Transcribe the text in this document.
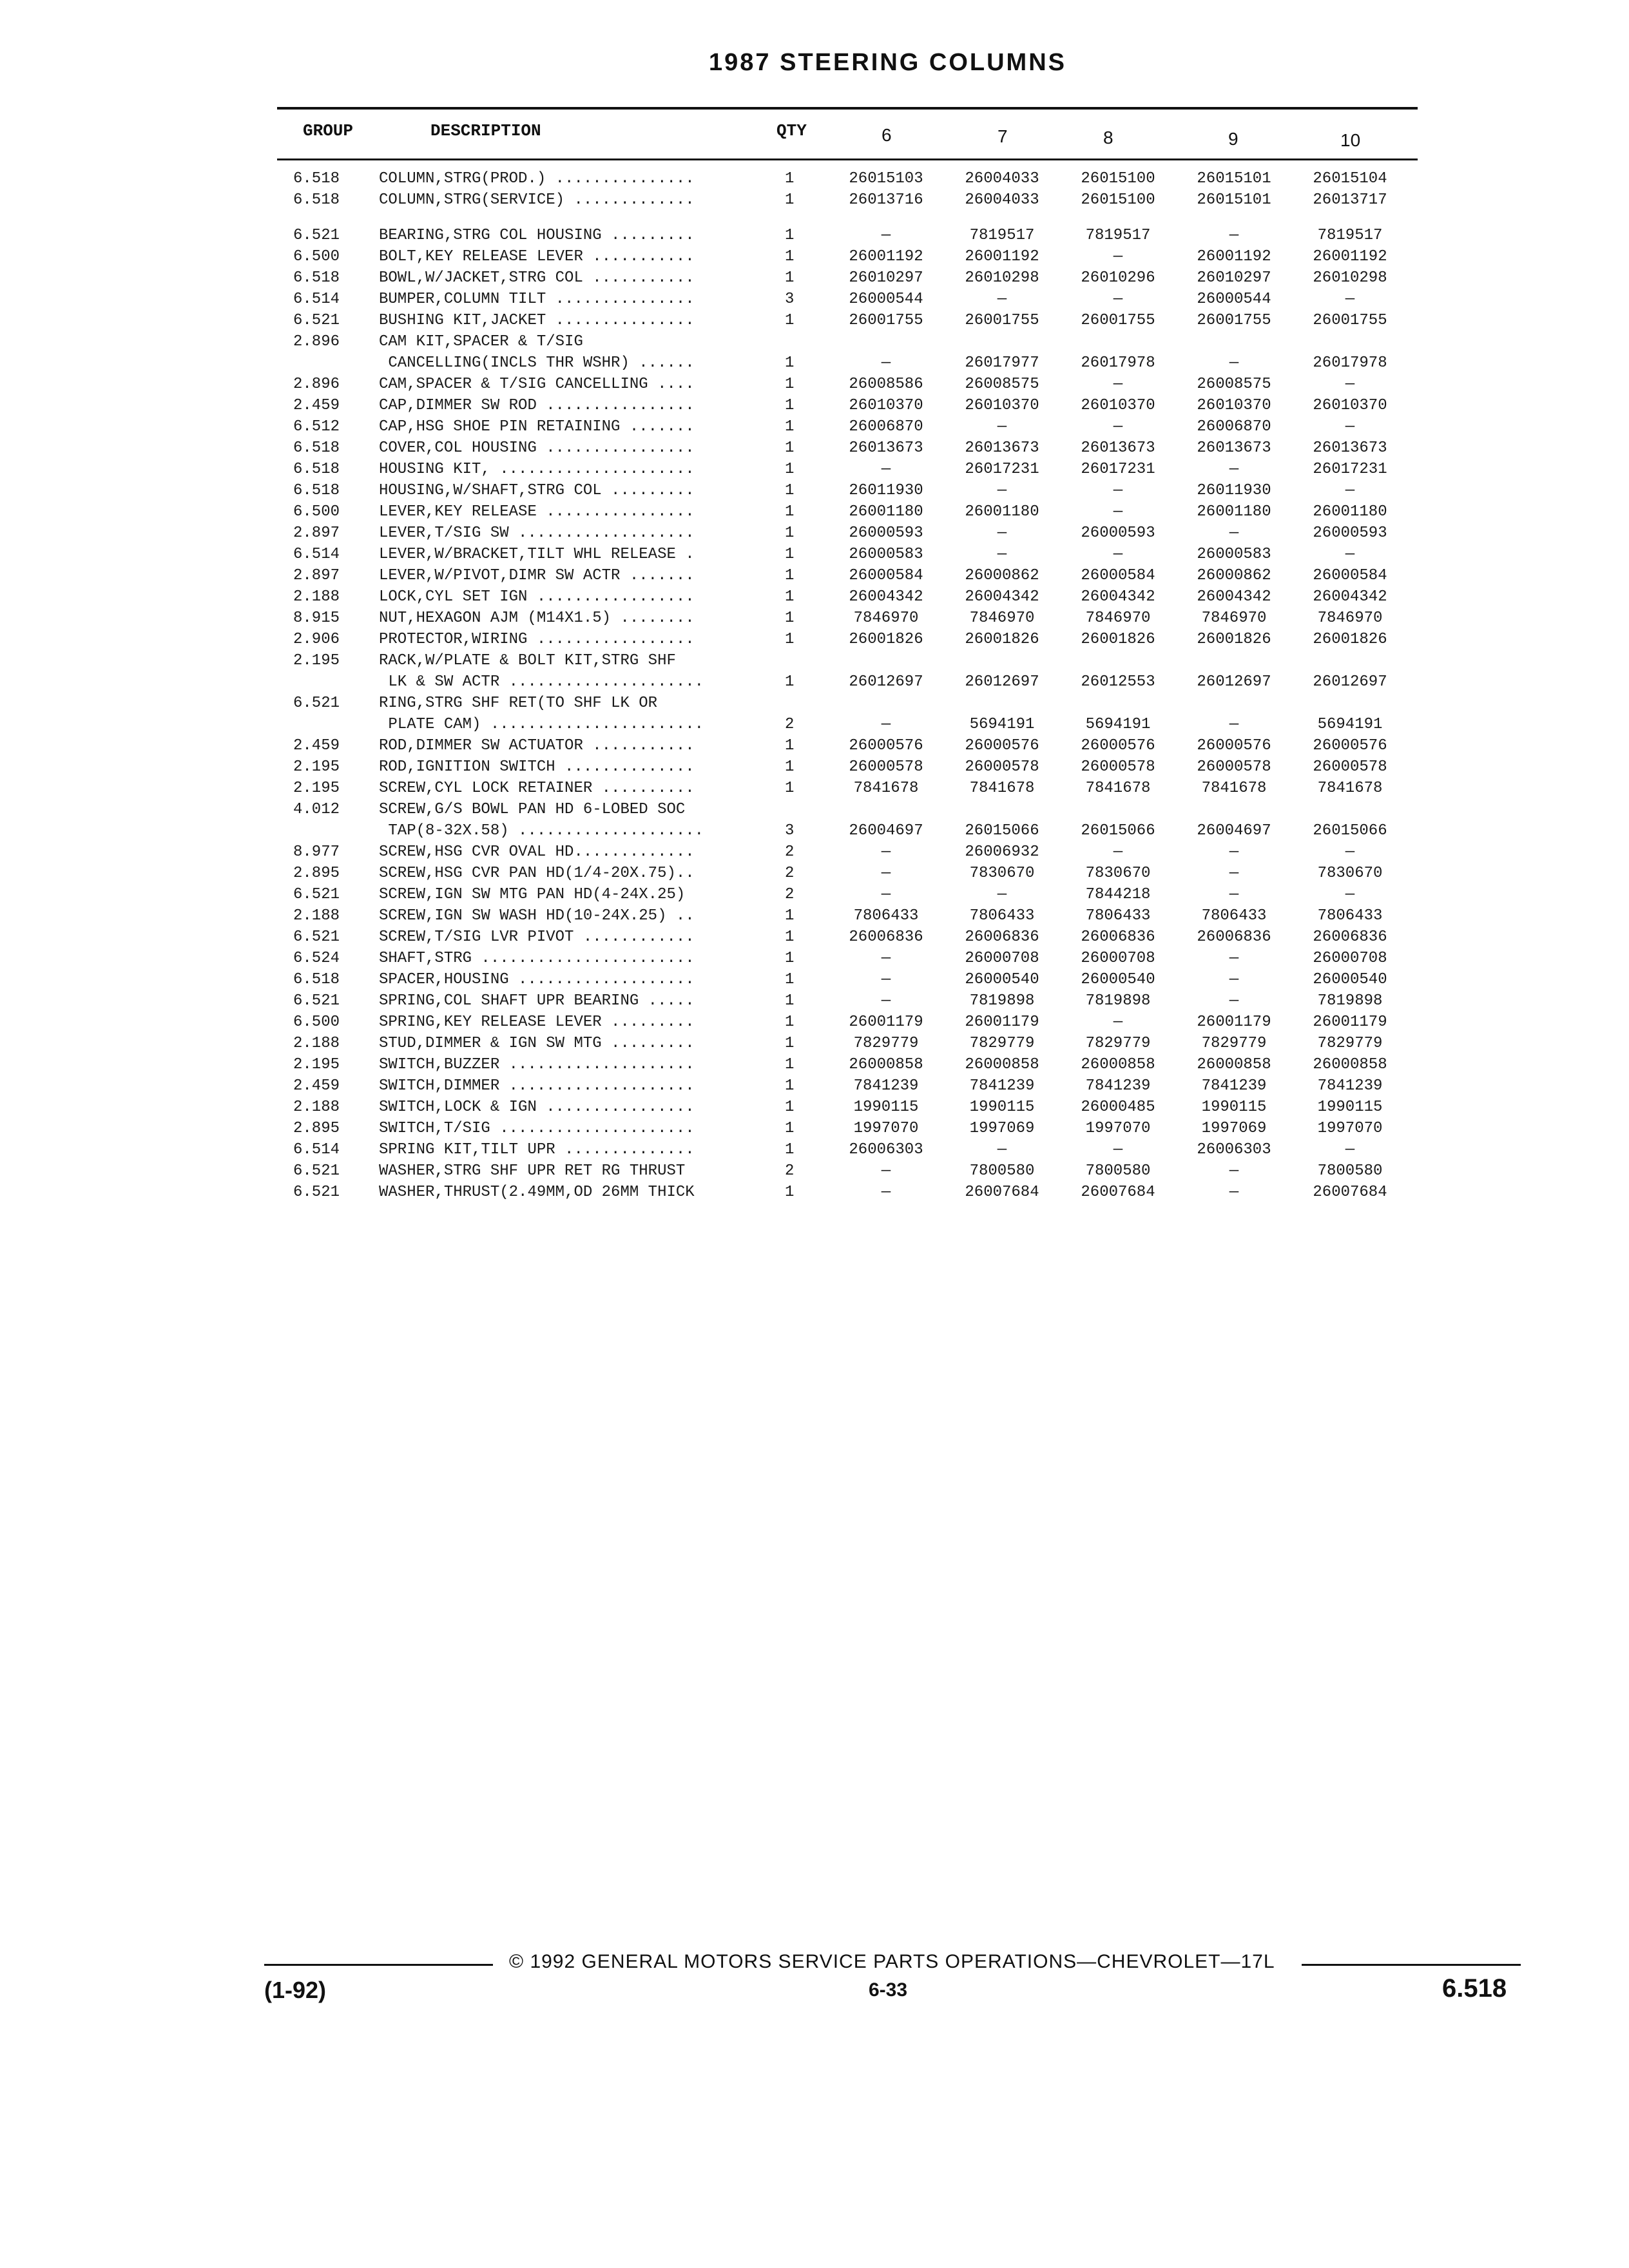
1987 STEERING COLUMNS
GROUP	DESCRIPTION	QTY	6	7	8	9	10
6.518	COLUMN,STRG(PROD.) ...............	1	26015103	26004033	26015100	26015101	26015104
6.518	COLUMN,STRG(SERVICE) .............	1	26013716	26004033	26015100	26015101	26013717
6.521	BEARING,STRG COL HOUSING .........	1	—	7819517	7819517	—	7819517
6.500	BOLT,KEY RELEASE LEVER ...........	1	26001192	26001192	—	26001192	26001192
6.518	BOWL,W/JACKET,STRG COL ...........	1	26010297	26010298	26010296	26010297	26010298
6.514	BUMPER,COLUMN TILT ...............	3	26000544	—	—	26000544	—
6.521	BUSHING KIT,JACKET ...............	1	26001755	26001755	26001755	26001755	26001755
2.896	CAM KIT,SPACER & T/SIG
CANCELLING(INCLS THR WSHR) ......	1	—	26017977	26017978	—	26017978
2.896	CAM,SPACER & T/SIG CANCELLING ....	1	26008586	26008575	—	26008575	—
2.459	CAP,DIMMER SW ROD ................	1	26010370	26010370	26010370	26010370	26010370
6.512	CAP,HSG SHOE PIN RETAINING .......	1	26006870	—	—	26006870	—
6.518	COVER,COL HOUSING ................	1	26013673	26013673	26013673	26013673	26013673
6.518	HOUSING KIT, .....................	1	—	26017231	26017231	—	26017231
6.518	HOUSING,W/SHAFT,STRG COL .........	1	26011930	—	—	26011930	—
6.500	LEVER,KEY RELEASE ................	1	26001180	26001180	—	26001180	26001180
2.897	LEVER,T/SIG SW ...................	1	26000593	—	26000593	—	26000593
6.514	LEVER,W/BRACKET,TILT WHL RELEASE .	1	26000583	—	—	26000583	—
2.897	LEVER,W/PIVOT,DIMR SW ACTR .......	1	26000584	26000862	26000584	26000862	26000584
2.188	LOCK,CYL SET IGN .................	1	26004342	26004342	26004342	26004342	26004342
8.915	NUT,HEXAGON AJM (M14X1.5) ........	1	7846970	7846970	7846970	7846970	7846970
2.906	PROTECTOR,WIRING .................	1	26001826	26001826	26001826	26001826	26001826
2.195	RACK,W/PLATE & BOLT KIT,STRG SHF
LK & SW ACTR .....................	1	26012697	26012697	26012553	26012697	26012697
6.521	RING,STRG SHF RET(TO SHF LK OR
PLATE CAM) .......................	2	—	5694191	5694191	—	5694191
2.459	ROD,DIMMER SW ACTUATOR ...........	1	26000576	26000576	26000576	26000576	26000576
2.195	ROD,IGNITION SWITCH ..............	1	26000578	26000578	26000578	26000578	26000578
2.195	SCREW,CYL LOCK RETAINER ..........	1	7841678	7841678	7841678	7841678	7841678
4.012	SCREW,G/S BOWL PAN HD 6-LOBED SOC
TAP(8-32X.58) ....................	3	26004697	26015066	26015066	26004697	26015066
8.977	SCREW,HSG CVR OVAL HD.............	2	—	26006932	—	—	—
2.895	SCREW,HSG CVR PAN HD(1/4-20X.75)..	2	—	7830670	7830670	—	7830670
6.521	SCREW,IGN SW MTG PAN HD(4-24X.25)	2	—	—	7844218	—	—
2.188	SCREW,IGN SW WASH HD(10-24X.25) ..	1	7806433	7806433	7806433	7806433	7806433
6.521	SCREW,T/SIG LVR PIVOT ............	1	26006836	26006836	26006836	26006836	26006836
6.524	SHAFT,STRG .......................	1	—	26000708	26000708	—	26000708
6.518	SPACER,HOUSING ...................	1	—	26000540	26000540	—	26000540
6.521	SPRING,COL SHAFT UPR BEARING .....	1	—	7819898	7819898	—	7819898
6.500	SPRING,KEY RELEASE LEVER .........	1	26001179	26001179	—	26001179	26001179
2.188	STUD,DIMMER & IGN SW MTG .........	1	7829779	7829779	7829779	7829779	7829779
2.195	SWITCH,BUZZER ....................	1	26000858	26000858	26000858	26000858	26000858
2.459	SWITCH,DIMMER ....................	1	7841239	7841239	7841239	7841239	7841239
2.188	SWITCH,LOCK & IGN ................	1	1990115	1990115	26000485	1990115	1990115
2.895	SWITCH,T/SIG .....................	1	1997070	1997069	1997070	1997069	1997070
6.514	SPRING KIT,TILT UPR ..............	1	26006303	—	—	26006303	—
6.521	WASHER,STRG SHF UPR RET RG THRUST	2	—	7800580	7800580	—	7800580
6.521	WASHER,THRUST(2.49MM,OD 26MM THICK	1	—	26007684	26007684	—	26007684
© 1992 GENERAL MOTORS SERVICE PARTS OPERATIONS—CHEVROLET—17L
(1-92)	6-33	6.518
